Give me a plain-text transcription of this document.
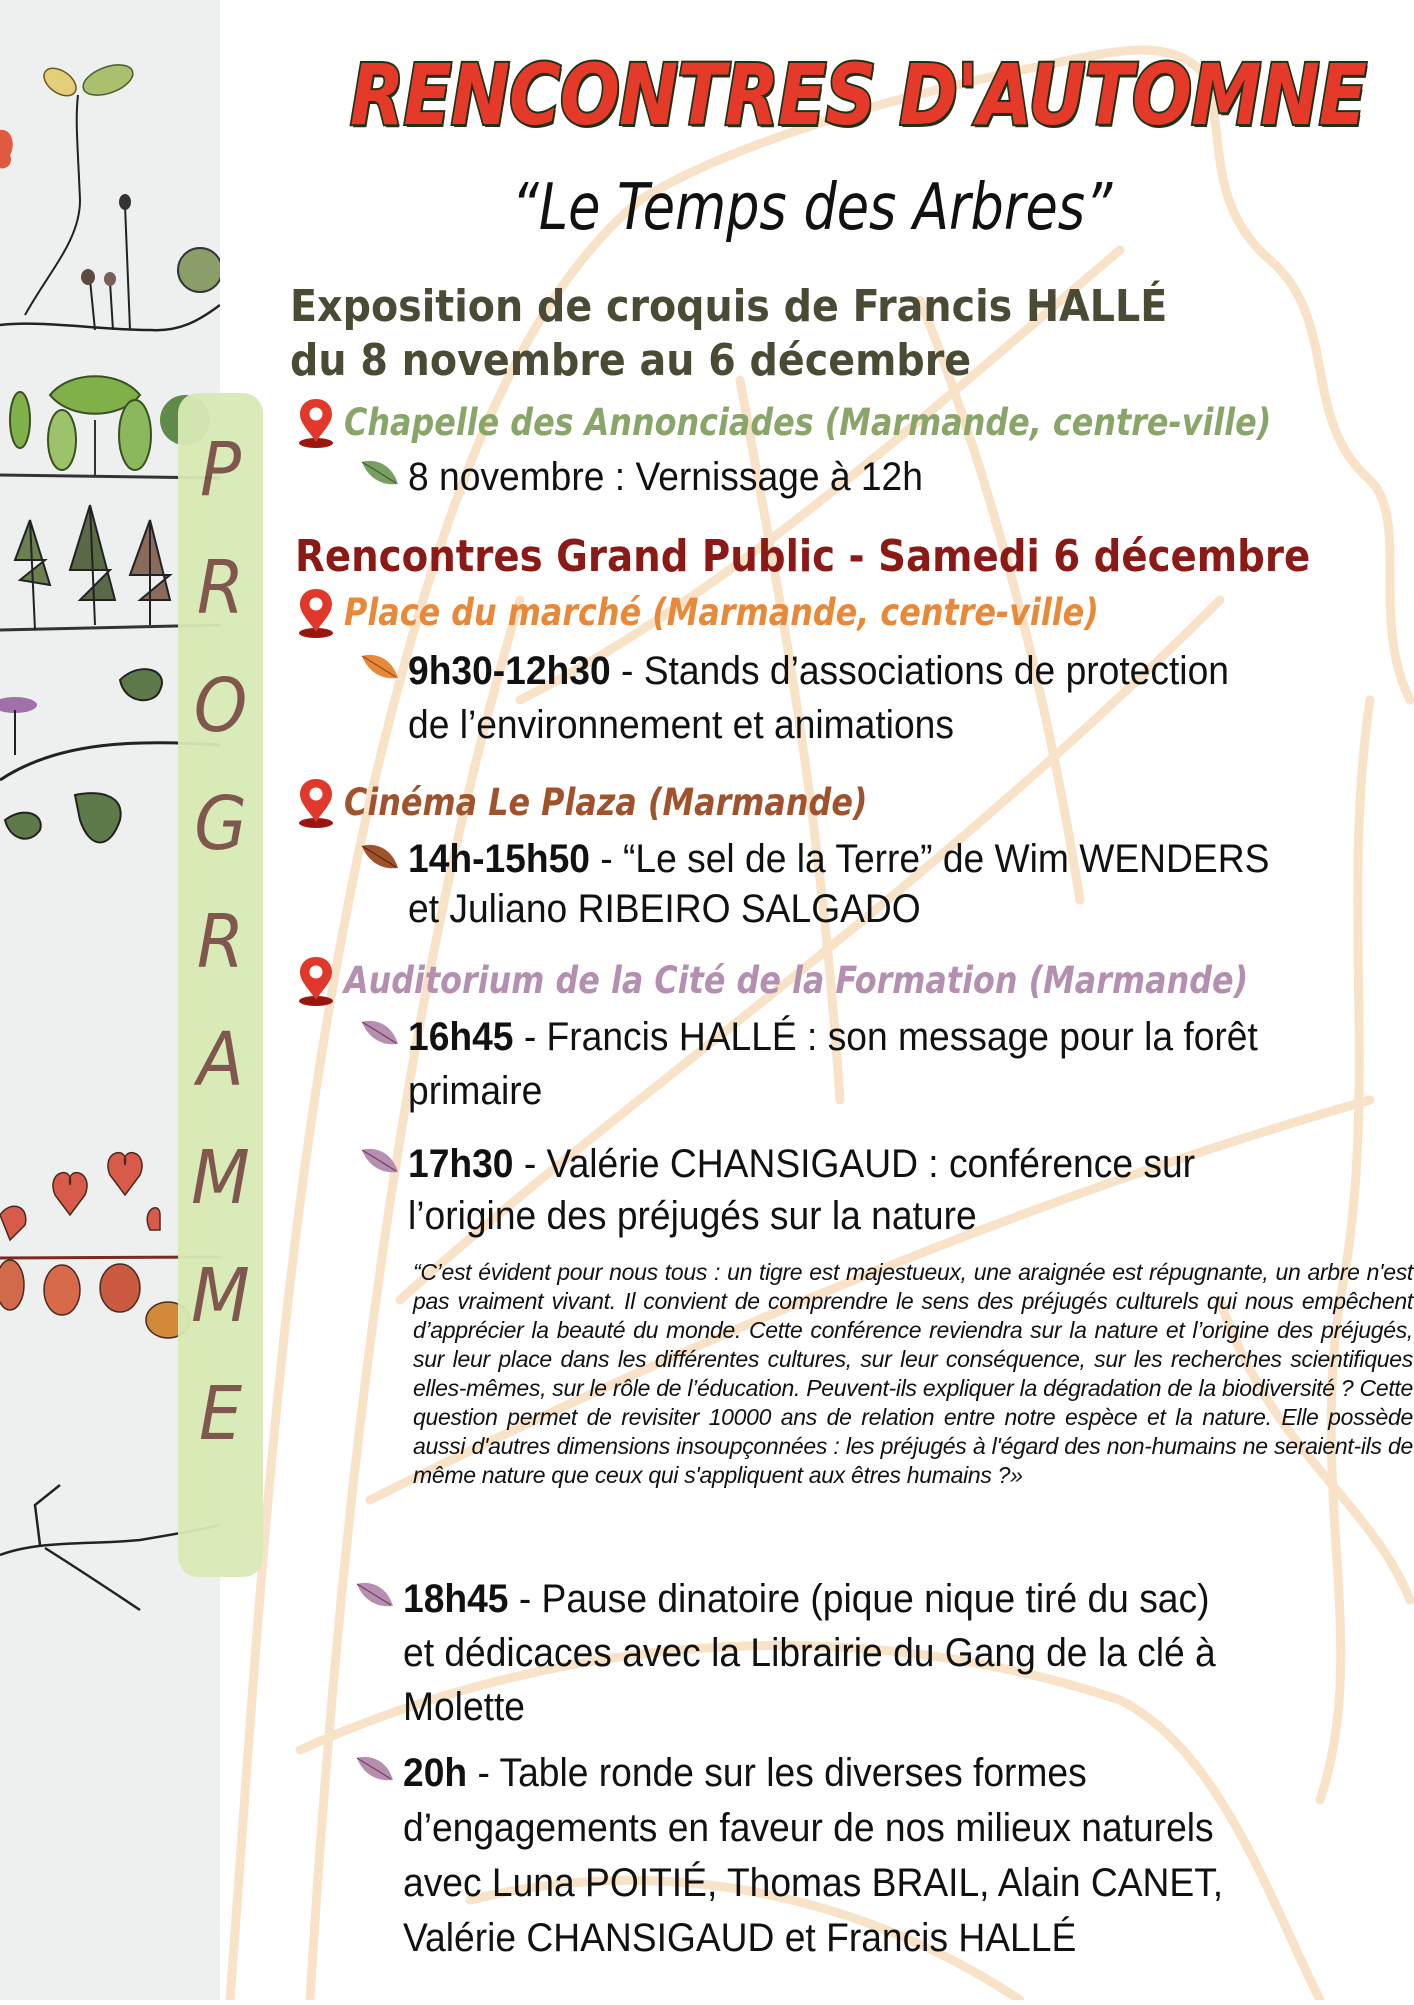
P
R
O
G
R
A
M
M
E
RENCONTRES D'AUTOMNE
“Le Temps des Arbres”
Exposition de croquis de Francis HALLÉ
du 8 novembre au 6 décembre
Chapelle des Annonciades (Marmande, centre-ville)
8 novembre : Vernissage à 12h
Rencontres Grand Public - Samedi 6 décembre
Place du marché (Marmande, centre-ville)
9h30-12h30 - Stands d’associations de protection
de l’environnement et animations
Cinéma Le Plaza (Marmande)
14h-15h50 - “Le sel de la Terre” de Wim WENDERS
et Juliano RIBEIRO SALGADO
Auditorium de la Cité de la Formation (Marmande)
16h45 - Francis HALLÉ : son message pour la forêt
primaire
17h30 - Valérie CHANSIGAUD : conférence sur
l’origine des préjugés sur la nature
18h45 - Pause dinatoire (pique nique tiré du sac)
et dédicaces avec la Librairie du Gang de la clé à
Molette
20h - Table ronde sur les diverses formes
d’engagements en faveur de nos milieux naturels
avec Luna POITIÉ, Thomas BRAIL, Alain CANET,
Valérie CHANSIGAUD et Francis HALLÉ
“C’est évident pour nous tous : un tigre est majestueux, une araignée est répugnante, un arbre n'est pas vraiment vivant. Il convient de comprendre le sens des préjugés culturels qui nous empêchent d’apprécier la beauté du monde. Cette conférence reviendra sur la nature et l’origine des préjugés, sur leur place dans les différentes cultures, sur leur conséquence, sur les recherches scientifiques elles-mêmes, sur le rôle de l’éducation. Peuvent-ils expliquer la dégradation de la biodiversité ? Cette question permet de revisiter 10000 ans de relation entre notre espèce et la nature. Elle possède aussi d'autres dimensions insoupçonnées : les préjugés à l'égard des non-humains ne seraient-ils de même nature que ceux qui s'appliquent aux êtres humains ?»
